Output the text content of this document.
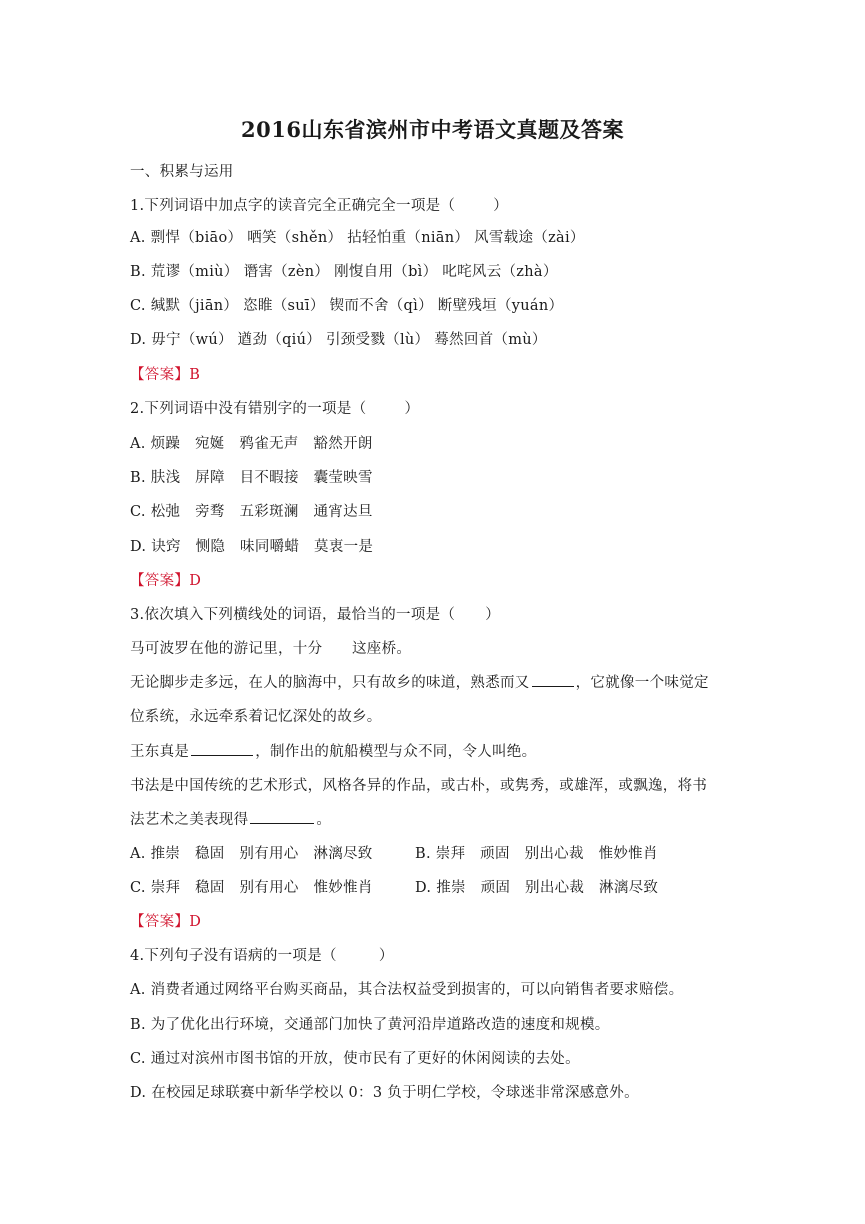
2016山东省滨州市中考语文真题及答案
一、积累与运用
1.下列词语中加点字的读音完全正确完全一项是（	）
A. 剽悍（biāo） 哂笑（shěn） 拈轻怕重（niān） 风雪载途（zài）
B. 荒谬（miù） 谮害（zèn） 刚愎自用（bì） 叱咤风云（zhà）
C. 缄默（jiān） 恣睢（suī） 锲而不舍（qì） 断壁残垣（yuán）
D. 毋宁（wú） 遒劲（qiú） 引颈受戮（lù） 蓦然回首（mù）
【答案】B
2.下列词语中没有错别字的一项是（	）
A. 烦躁　宛娫　鸦雀无声　豁然开朗
B. 肤浅　屏障　目不暇接　囊莹映雪
C. 松弛　旁骛　五彩斑澜　通宵达旦
D. 诀窍　恻隐　味同嚼蜡　莫衷一是
【答案】D
3.依次填入下列横线处的词语，最恰当的一项是（ ）
马可波罗在他的游记里，十分　　这座桥。
无论脚步走多远，在人的脑海中，只有故乡的味道，熟悉而又	，它就像一个味觉定
位系统，永远牵系着记忆深处的故乡。
王东真是	，制作出的航船模型与众不同，令人叫绝。
书法是中国传统的艺术形式，风格各异的作品，或古朴，或隽秀，或雄浑，或飘逸，将书
法艺术之美表现得	。
A. 推崇　稳固　别有用心　淋漓尽致	B. 崇拜　顽固　别出心裁　惟妙惟肖
C. 崇拜　稳固　别有用心　惟妙惟肖	D. 推崇　顽固　别出心裁　淋漓尽致
【答案】D
4.下列句子没有语病的一项是（	）
A. 消费者通过网络平台购买商品，其合法权益受到损害的，可以向销售者要求赔偿。
B. 为了优化出行环境，交通部门加快了黄河沿岸道路改造的速度和规模。
C. 通过对滨州市图书馆的开放，使市民有了更好的休闲阅读的去处。
D. 在校园足球联赛中新华学校以 0：3 负于明仁学校，令球迷非常深感意外。
